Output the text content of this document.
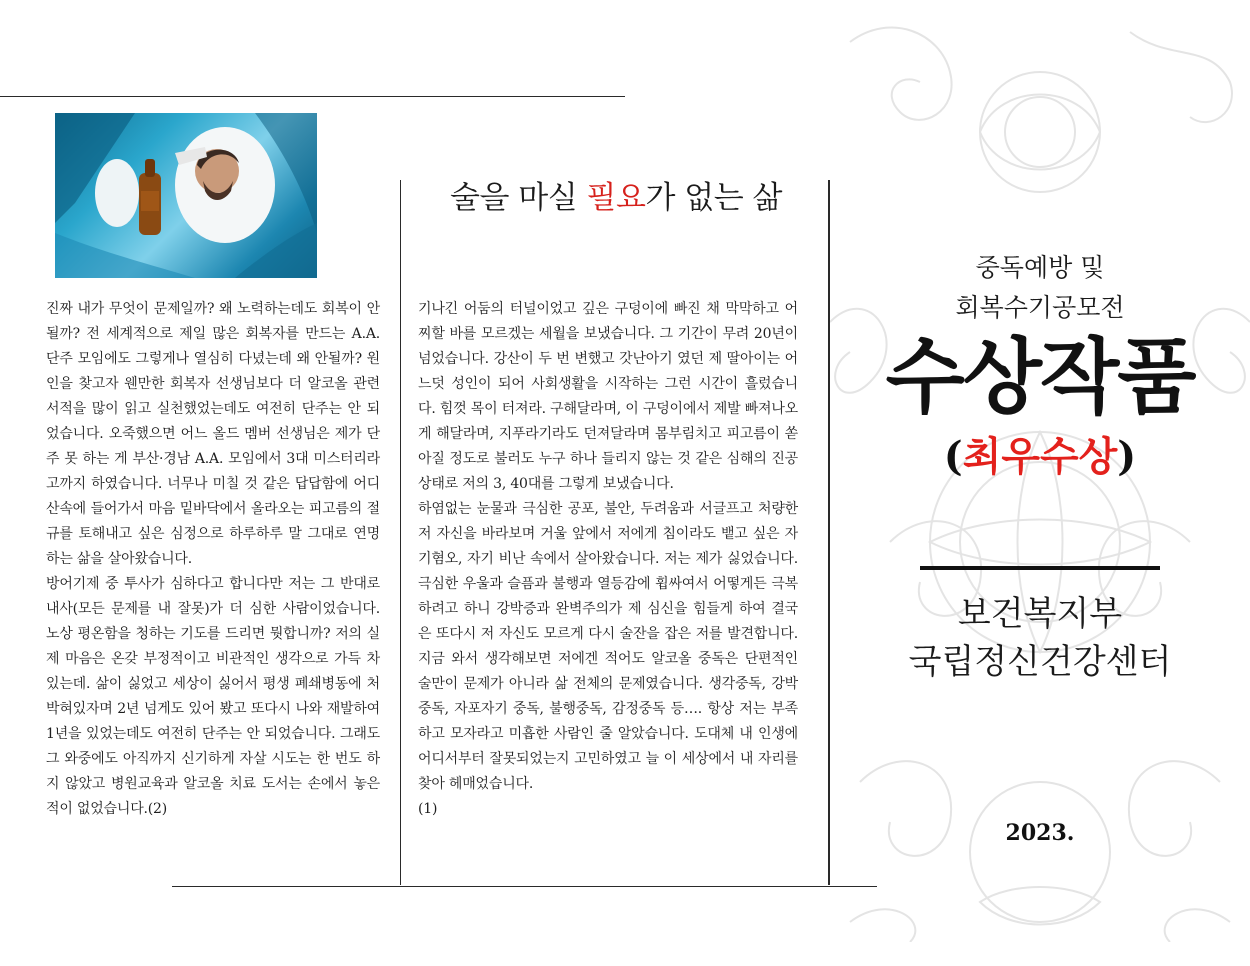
진짜 내가 무엇이 문제일까? 왜 노력하는데도 회복이 안 될까? 전 세계적으로 제일 많은 회복자를 만드는 A.A. 단주 모임에도 그렇게나 열심히 다녔는데 왜 안될까? 원인을 찾고자 웬만한 회복자 선생님보다 더 알코올 관련 서적을 많이 읽고 실천했었는데도 여전히 단주는 안 되었습니다. 오죽했으면 어느 올드 멤버 선생님은 제가 단주 못 하는 게 부산·경남 A.A. 모임에서 3대 미스터리라고까지 하였습니다. 너무나 미칠 것 같은 답답함에 어디 산속에 들어가서 마음 밑바닥에서 올라오는 피고름의 절규를 토해내고 싶은 심정으로 하루하루 말 그대로 연명하는 삶을 살아왔습니다.
방어기제 중 투사가 심하다고 합니다만 저는 그 반대로 내사(모든 문제를 내 잘못)가 더 심한 사람이었습니다. 노상 평온함을 청하는 기도를 드리면 뭣합니까? 저의 실제 마음은 온갖 부정적이고 비관적인 생각으로 가득 차 있는데. 삶이 싫었고 세상이 싫어서 평생 폐쇄병동에 처박혀있자며 2년 넘게도 있어 봤고 또다시 나와 재발하여 1년을 있었는데도 여전히 단주는 안 되었습니다. 그래도 그 와중에도 아직까지 신기하게 자살 시도는 한 번도 하지 않았고 병원교육과 알코올 치료 도서는 손에서 놓은 적이 없었습니다.(2)
술을 마실 필요가 없는 삶
기나긴 어둠의 터널이었고 깊은 구덩이에 빠진 채 막막하고 어찌할 바를 모르겠는 세월을 보냈습니다. 그 기간이 무려 20년이 넘었습니다. 강산이 두 번 변했고 갓난아기 였던 제 딸아이는 어느덧 성인이 되어 사회생활을 시작하는 그런 시간이 흘렀습니다. 힘껏 목이 터져라. 구해달라며, 이 구덩이에서 제발 빠져나오게 해달라며, 지푸라기라도 던져달라며 몸부림치고 피고름이 쏟아질 정도로 불러도 누구 하나 들리지 않는 것 같은 심해의 진공상태로 저의 3, 40대를 그렇게 보냈습니다.
하염없는 눈물과 극심한 공포, 불안, 두려움과 서글프고 처량한 저 자신을 바라보며 거울 앞에서 저에게 침이라도 뱉고 싶은 자기혐오, 자기 비난 속에서 살아왔습니다. 저는 제가 싫었습니다. 극심한 우울과 슬픔과 불행과 열등감에 휩싸여서 어떻게든 극복하려고 하니 강박증과 완벽주의가 제 심신을 힘들게 하여 결국은 또다시 저 자신도 모르게 다시 술잔을 잡은 저를 발견합니다. 지금 와서 생각해보면 저에겐 적어도 알코올 중독은 단편적인 술만이 문제가 아니라 삶 전체의 문제였습니다. 생각중독, 강박중독, 자포자기 중독, 불행중독, 감정중독 등…. 항상 저는 부족하고 모자라고 미흡한 사람인 줄 알았습니다. 도대체 내 인생에 어디서부터 잘못되었는지 고민하였고 늘 이 세상에서 내 자리를 찾아 헤매었습니다.
(1)
중독예방 및
회복수기공모전
수상작품
(최우수상)
보건복지부
국립정신건강센터
2023.
